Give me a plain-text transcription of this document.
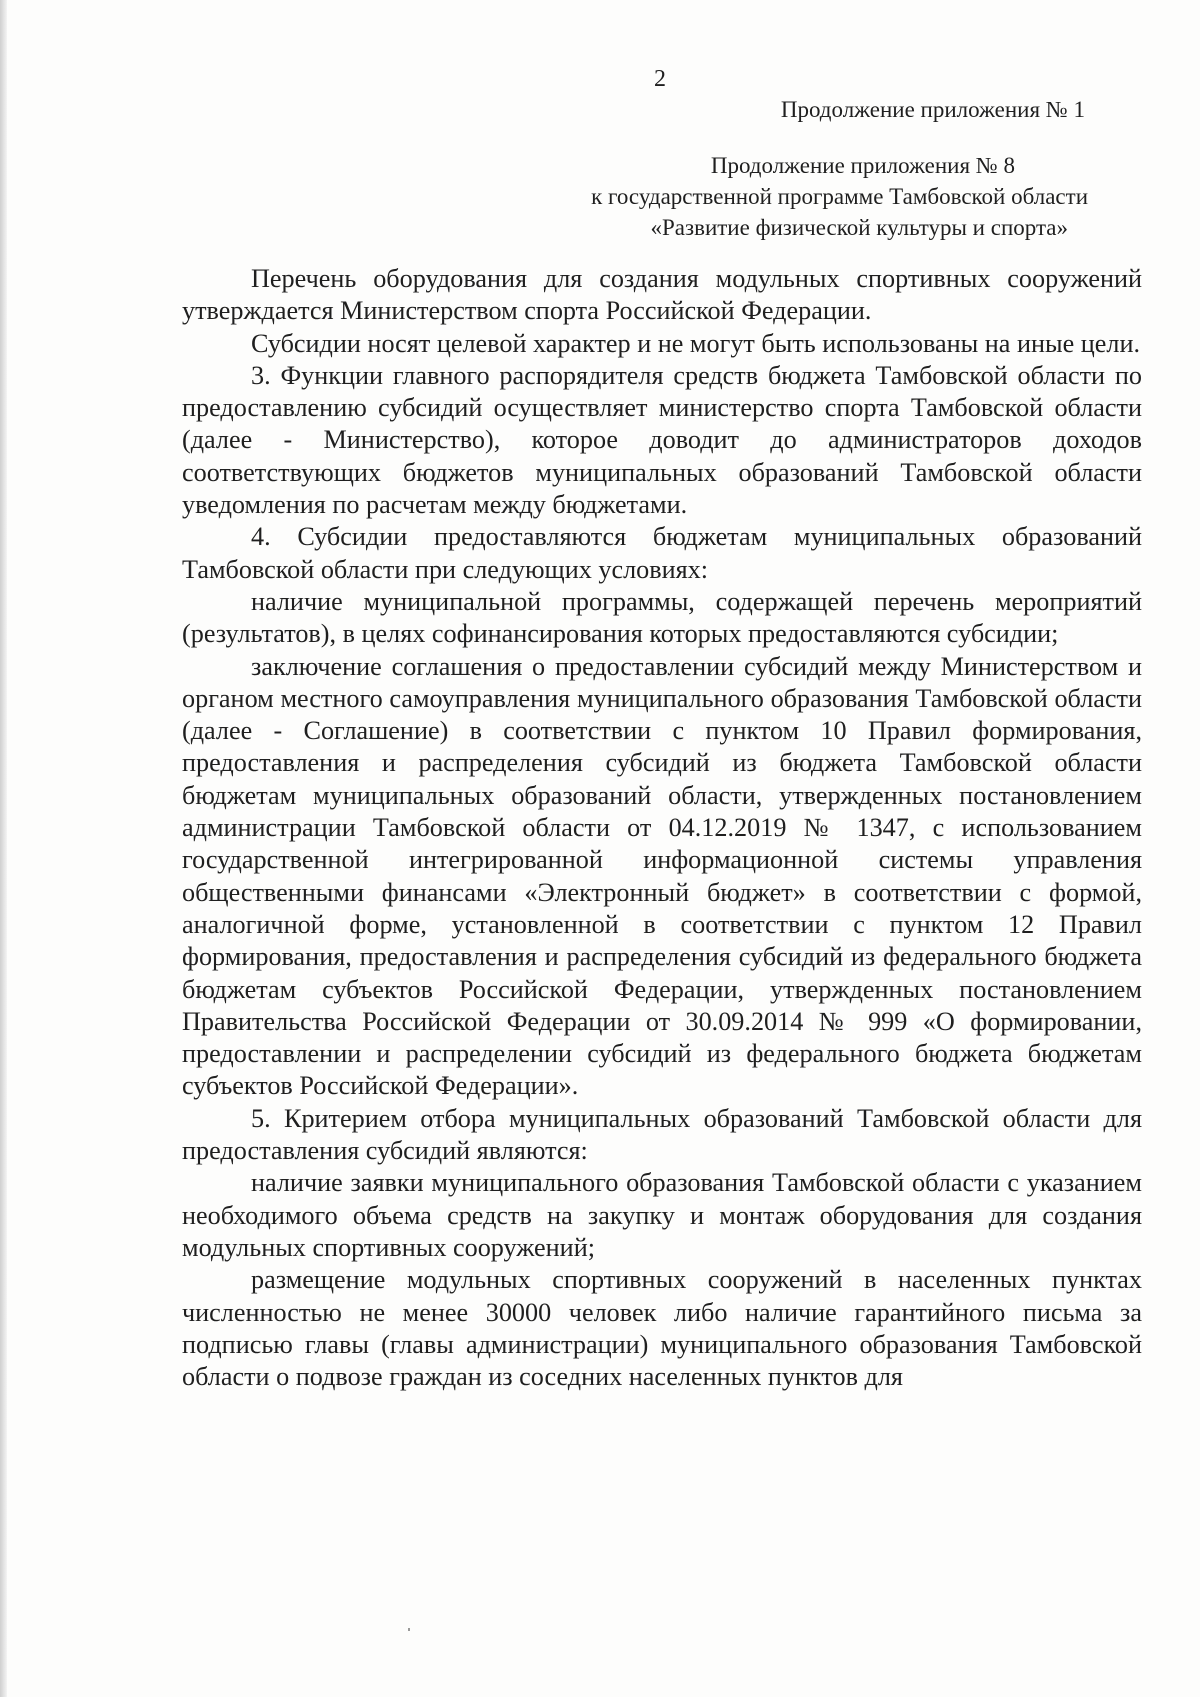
2
Продолжение приложения № 1
Продолжение приложения № 8
к государственной программе Тамбовской области
«Развитие физической культуры и спорта»

Перечень оборудования для создания модульных спортивных сооружений утверждается Министерством спорта Российской Федерации.

Субсидии носят целевой характер и не могут быть использованы на иные цели.

3. Функции главного распорядителя средств бюджета Тамбовской области по предоставлению субсидий осуществляет министерство спорта Тамбовской области (далее - Министерство), которое доводит до администраторов доходов соответствующих бюджетов муниципальных образований Тамбовской области уведомления по расчетам между бюджетами.

4. Субсидии предоставляются бюджетам муниципальных образований Тамбовской области при следующих условиях:

наличие муниципальной программы, содержащей перечень мероприятий (результатов), в целях софинансирования которых предоставляются субсидии;

заключение соглашения о предоставлении субсидий между Министерством и органом местного самоуправления муниципального образования Тамбовской области (далее - Соглашение) в соответствии с пунктом 10 Правил формирования, предоставления и распределения субсидий из бюджета Тамбовской области бюджетам муниципальных образований области, утвержденных постановлением администрации Тамбовской области от 04.12.2019 № 1347, с использованием государственной интегрированной информационной системы управления общественными финансами «Электронный бюджет» в соответствии с формой, аналогичной форме, установленной в соответствии с пунктом 12 Правил формирования, предоставления и распределения субсидий из федерального бюджета бюджетам субъектов Российской Федерации, утвержденных постановлением Правительства Российской Федерации от 30.09.2014 № 999 «О формировании, предоставлении и распределении субсидий из федерального бюджета бюджетам субъектов Российской Федерации».

5. Критерием отбора муниципальных образований Тамбовской области для предоставления субсидий являются:

наличие заявки муниципального образования Тамбовской области с указанием необходимого объема средств на закупку и монтаж оборудования для создания модульных спортивных сооружений;

размещение модульных спортивных сооружений в населенных пунктах численностью не менее 30000 человек либо наличие гарантийного письма за подписью главы (главы администрации) муниципального образования Тамбовской области о подвозе граждан из соседних населенных пунктов для
